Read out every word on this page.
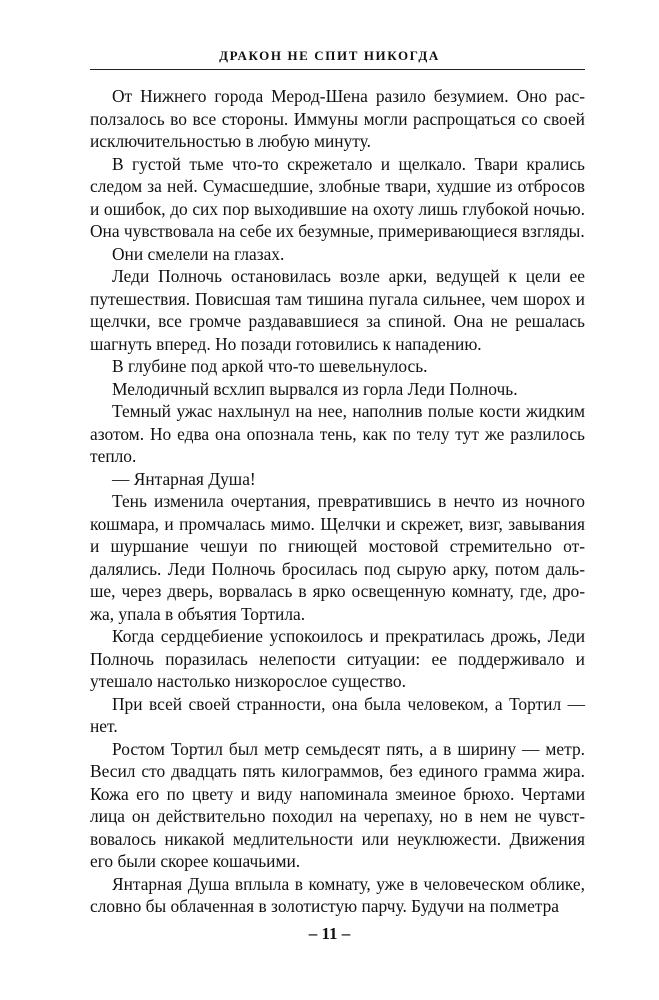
ДРАКОН НЕ СПИТ НИКОГДА

От Нижнего города Мерод-Шена разило безумием. Оно расползалось во все стороны. Иммуны могли распрощаться со своей исключительностью в любую минуту.

В густой тьме что-то скрежетало и щелкало. Твари крались следом за ней. Сумасшедшие, злобные твари, худшие из отбросов и ошибок, до сих пор выходившие на охоту лишь глубокой ночью. Она чувствовала на себе их безумные, примеривающиеся взгляды.

Они смелели на глазах.

Леди Полночь остановилась возле арки, ведущей к цели ее путешествия. Повисшая там тишина пугала сильнее, чем шорох и щелчки, все громче раздававшиеся за спиной. Она не решалась шагнуть вперед. Но позади готовились к нападению.

В глубине под аркой что-то шевельнулось.

Мелодичный всхлип вырвался из горла Леди Полночь.

Темный ужас нахлынул на нее, наполнив полые кости жидким азотом. Но едва она опознала тень, как по телу тут же разлилось тепло.

— Янтарная Душа!

Тень изменила очертания, превратившись в нечто из ночного кошмара, и промчалась мимо. Щелчки и скрежет, визг, завывания и шуршание чешуи по гниющей мостовой стремительно отдалялись. Леди Полночь бросилась под сырую арку, потом дальше, через дверь, ворвалась в ярко освещенную комнату, где, дрожа, упала в объятия Тортила.

Когда сердцебиение успокоилось и прекратилась дрожь, Леди Полночь поразилась нелепости ситуации: ее поддерживало и утешало настолько низкорослое существо.

При всей своей странности, она была человеком, а Тортил — нет.

Ростом Тортил был метр семьдесят пять, а в ширину — метр. Весил сто двадцать пять килограммов, без единого грамма жира. Кожа его по цвету и виду напоминала змеиное брюхо. Чертами лица он действительно походил на черепаху, но в нем не чувствовалось никакой медлительности или неуклюжести. Движения его были скорее кошачьими.

Янтарная Душа вплыла в комнату, уже в человеческом облике, словно бы облаченная в золотистую парчу. Будучи на полметра

– 11 –
